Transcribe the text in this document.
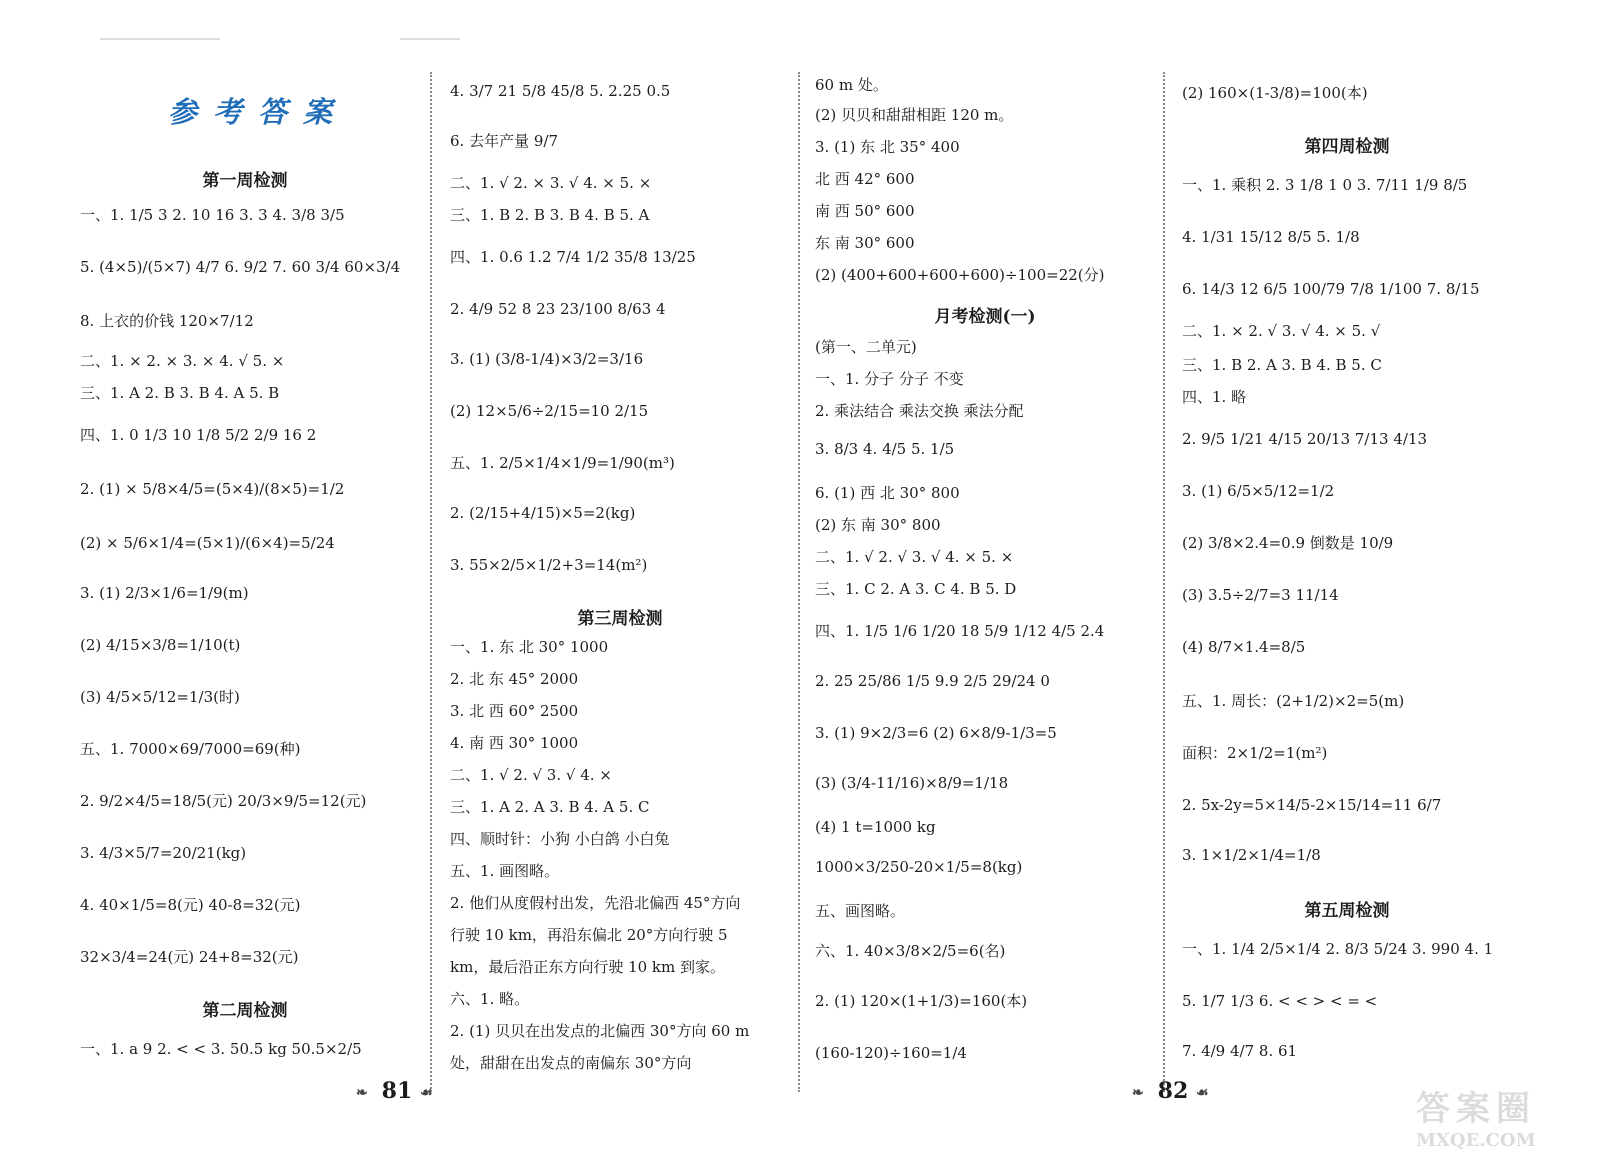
参考答案
第一周检测
一、1. 1/5 3 2. 10 16 3. 3 4. 3/8 3/5
5. (4×5)/(5×7) 4/7 6. 9/2 7. 60 3/4 60×3/4
8. 上衣的价钱 120×7/12
二、1. × 2. × 3. × 4. √ 5. ×
三、1. A 2. B 3. B 4. A 5. B
四、1. 0 1/3 10 1/8 5/2 2/9 16 2
2. (1) × 5/8×4/5=(5×4)/(8×5)=1/2
(2) × 5/6×1/4=(5×1)/(6×4)=5/24
3. (1) 2/3×1/6=1/9(m)
(2) 4/15×3/8=1/10(t)
(3) 4/5×5/12=1/3(时)
五、1. 7000×69/7000=69(种)
2. 9/2×4/5=18/5(元) 20/3×9/5=12(元)
3. 4/3×5/7=20/21(kg)
4. 40×1/5=8(元) 40-8=32(元)
32×3/4=24(元) 24+8=32(元)
第二周检测
一、1. a 9 2. < < 3. 50.5 kg 50.5×2/5
4. 3/7 21 5/8 45/8 5. 2.25 0.5
6. 去年产量 9/7
二、1. √ 2. × 3. √ 4. × 5. ×
三、1. B 2. B 3. B 4. B 5. A
四、1. 0.6 1.2 7/4 1/2 35/8 13/25
2. 4/9 52 8 23 23/100 8/63 4
3. (1) (3/8-1/4)×3/2=3/16
(2) 12×5/6÷2/15=10 2/15
五、1. 2/5×1/4×1/9=1/90(m³)
2. (2/15+4/15)×5=2(kg)
3. 55×2/5×1/2+3=14(m²)
第三周检测
一、1. 东 北 30° 1000
2. 北 东 45° 2000
3. 北 西 60° 2500
4. 南 西 30° 1000
二、1. √ 2. √ 3. √ 4. ×
三、1. A 2. A 3. B 4. A 5. C
四、顺时针：小狗 小白鸽 小白兔
五、1. 画图略。
2. 他们从度假村出发，先沿北偏西 45°方向
行驶 10 km，再沿东偏北 20°方向行驶 5
km，最后沿正东方向行驶 10 km 到家。
六、1. 略。
2. (1) 贝贝在出发点的北偏西 30°方向 60 m
处，甜甜在出发点的南偏东 30°方向
60 m 处。
(2) 贝贝和甜甜相距 120 m。
3. (1) 东 北 35° 400
北 西 42° 600
南 西 50° 600
东 南 30° 600
(2) (400+600+600+600)÷100=22(分)
月考检测(一)
(第一、二单元)
一、1. 分子 分子 不变
2. 乘法结合 乘法交换 乘法分配
3. 8/3 4. 4/5 5. 1/5
6. (1) 西 北 30° 800
(2) 东 南 30° 800
二、1. √ 2. √ 3. √ 4. × 5. ×
三、1. C 2. A 3. C 4. B 5. D
四、1. 1/5 1/6 1/20 18 5/9 1/12 4/5 2.4
2. 25 25/86 1/5 9.9 2/5 29/24 0
3. (1) 9×2/3=6 (2) 6×8/9-1/3=5
(3) (3/4-11/16)×8/9=1/18
(4) 1 t=1000 kg
1000×3/250-20×1/5=8(kg)
五、画图略。
六、1. 40×3/8×2/5=6(名)
2. (1) 120×(1+1/3)=160(本)
(160-120)÷160=1/4
(2) 160×(1-3/8)=100(本)
第四周检测
一、1. 乘积 2. 3 1/8 1 0 3. 7/11 1/9 8/5
4. 1/31 15/12 8/5 5. 1/8
6. 14/3 12 6/5 100/79 7/8 1/100 7. 8/15
二、1. × 2. √ 3. √ 4. × 5. √
三、1. B 2. A 3. B 4. B 5. C
四、1. 略
2. 9/5 1/21 4/15 20/13 7/13 4/13
3. (1) 6/5×5/12=1/2
(2) 3/8×2.4=0.9 倒数是 10/9
(3) 3.5÷2/7=3 11/14
(4) 8/7×1.4=8/5
五、1. 周长：(2+1/2)×2=5(m)
面积：2×1/2=1(m²)
2. 5x-2y=5×14/5-2×15/14=11 6/7
3. 1×1/2×1/4=1/8
第五周检测
一、1. 1/4 2/5×1/4 2. 8/3 5/24 3. 990 4. 1
5. 1/7 1/3 6. < < > < = <
7. 4/9 4/7 8. 61
❧ 81 ☙	❧ 82 ☙	答案圈
MXQE.COM
